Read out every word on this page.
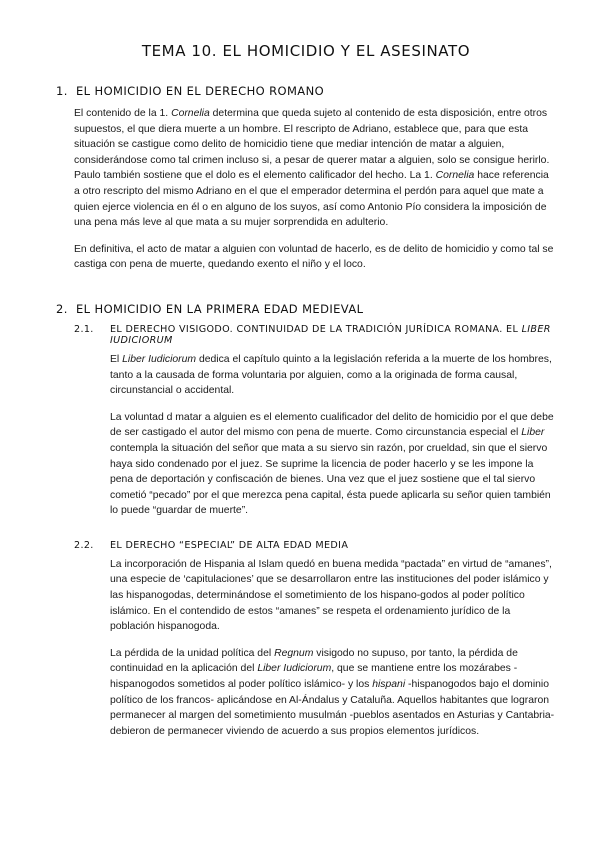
TEMA 10. EL HOMICIDIO Y EL ASESINATO
1. EL HOMICIDIO EN EL DERECHO ROMANO

El contenido de la 1. Cornelia determina que queda sujeto al contenido de esta disposición, entre otros supuestos, el que diera muerte a un hombre. El rescripto de Adriano, establece que, para que esta situación se castigue como delito de homicidio tiene que mediar intención de matar a alguien, considerándose como tal crimen incluso si, a pesar de querer matar a alguien, solo se consigue herirlo. Paulo también sostiene que el dolo es el elemento calificador del hecho. La 1. Cornelia hace referencia a otro rescripto del mismo Adriano en el que el emperador determina el perdón para aquel que mate a quien ejerce violencia en él o en alguno de los suyos, así como Antonio Pío considera la imposición de una pena más leve al que mata a su mujer sorprendida en adulterio.

En definitiva, el acto de matar a alguien con voluntad de hacerlo, es de delito de homicidio y como tal se castiga con pena de muerte, quedando exento el niño y el loco.

2. EL HOMICIDIO EN LA PRIMERA EDAD MEDIEVAL
2.1.	EL DERECHO VISIGODO. CONTINUIDAD DE LA TRADICIÓN JURÍDICA ROMANA. EL LIBER IUDICIORUM

El Liber Iudiciorum dedica el capítulo quinto a la legislación referida a la muerte de los hombres, tanto a la causada de forma voluntaria por alguien, como a la originada de forma causal, circunstancial o accidental.

La voluntad d matar a alguien es el elemento cualificador del delito de homicidio por el que debe de ser castigado el autor del mismo con pena de muerte. Como circunstancia especial el Liber contempla la situación del señor que mata a su siervo sin razón, por crueldad, sin que el siervo haya sido condenado por el juez. Se suprime la licencia de poder hacerlo y se les impone la pena de deportación y confiscación de bienes. Una vez que el juez sostiene que el tal siervo cometió “pecado” por el que merezca pena capital, ésta puede aplicarla su señor quien también lo puede “guardar de muerte”.

2.2.	EL DERECHO “ESPECIAL” DE ALTA EDAD MEDIA

La incorporación de Hispania al Islam quedó en buena medida “pactada” en virtud de “amanes”, una especie de ‘capitulaciones’ que se desarrollaron entre las instituciones del poder islámico y las hispanogodas, determinándose el sometimiento de los hispano-godos al poder político islámico. En el contendido de estos “amanes” se respeta el ordenamiento jurídico de la población hispanogoda.

La pérdida de la unidad política del Regnum visigodo no supuso, por tanto, la pérdida de continuidad en la aplicación del Liber Iudiciorum, que se mantiene entre los mozárabes -hispanogodos sometidos al poder político islámico- y los hispani -hispanogodos bajo el dominio político de los francos- aplicándose en Al-Ándalus y Cataluña. Aquellos habitantes que lograron permanecer al margen del sometimiento musulmán -pueblos asentados en Asturias y Cantabria- debieron de permanecer viviendo de acuerdo a sus propios elementos jurídicos.
